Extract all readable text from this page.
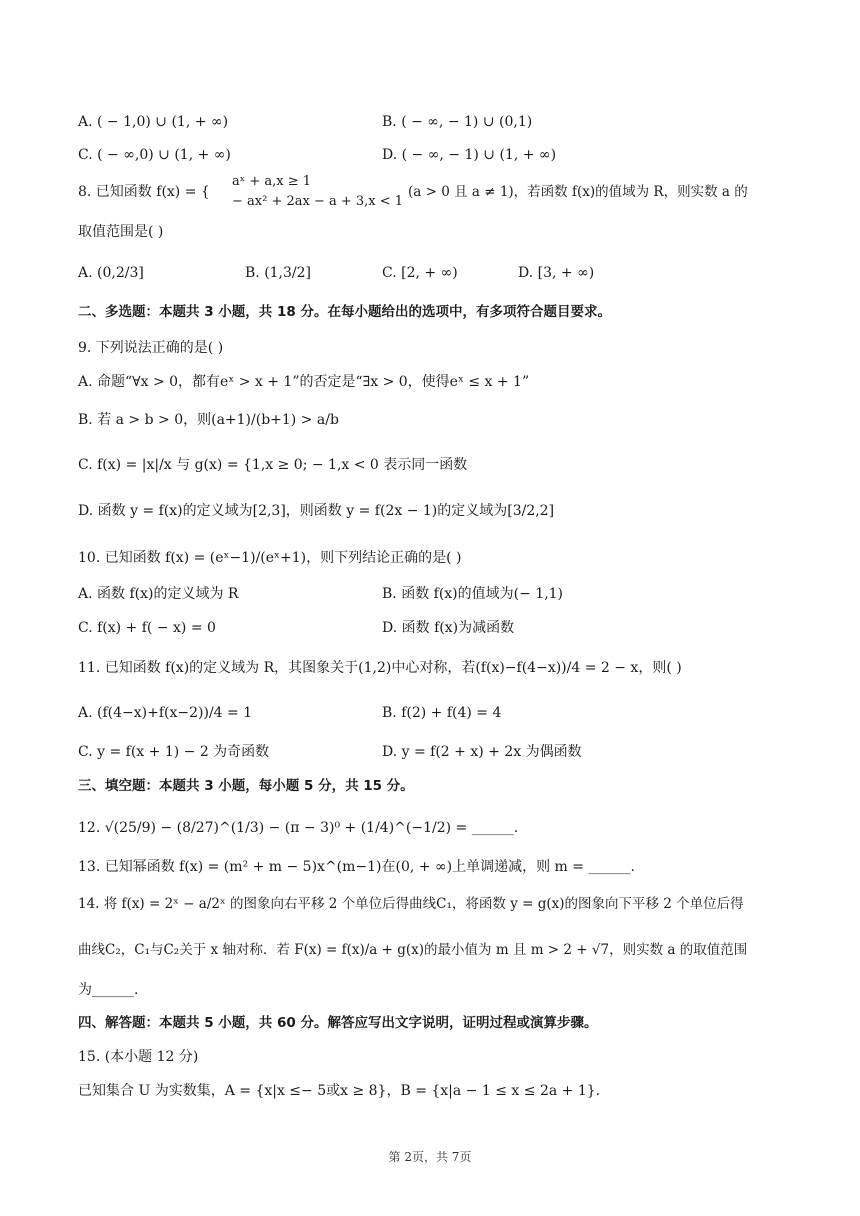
A. ( − 1,0) ∪ (1, + ∞)	B. ( − ∞, − 1) ∪ (0,1)
C. ( − ∞,0) ∪ (1, + ∞)	D. ( − ∞, − 1) ∪ (1, + ∞)
8. 已知函数 f(x) = {
aˣ + a,x ≥ 1
− ax² + 2ax − a + 3,x < 1
(a > 0 且 a ≠ 1)，若函数 f(x)的值域为 R，则实数 a 的
取值范围是( )
A. (0,2/3]	B. (1,3/2]	C. [2, + ∞)	D. [3, + ∞)
二、多选题：本题共 3 小题，共 18 分。在每小题给出的选项中，有多项符合题目要求。
9. 下列说法正确的是( )
A. 命题“∀x > 0，都有eˣ > x + 1”的否定是“∃x > 0，使得eˣ ≤ x + 1”
B. 若 a > b > 0，则(a+1)/(b+1) > a/b
C. f(x) = |x|/x 与 g(x) = {1,x ≥ 0; − 1,x < 0 表示同一函数
D. 函数 y = f(x)的定义域为[2,3]，则函数 y = f(2x − 1)的定义域为[3/2,2]
10. 已知函数 f(x) = (eˣ−1)/(eˣ+1)，则下列结论正确的是( )
A. 函数 f(x)的定义域为 R	B. 函数 f(x)的值域为(− 1,1)
C. f(x) + f( − x) = 0	D. 函数 f(x)为减函数
11. 已知函数 f(x)的定义域为 R，其图象关于(1,2)中心对称，若(f(x)−f(4−x))/4 = 2 − x，则( )
A. (f(4−x)+f(x−2))/4 = 1	B. f(2) + f(4) = 4
C. y = f(x + 1) − 2 为奇函数	D. y = f(2 + x) + 2x 为偶函数
三、填空题：本题共 3 小题，每小题 5 分，共 15 分。
12. √(25/9) − (8/27)^(1/3) − (π − 3)⁰ + (1/4)^(−1/2) = ______.
13. 已知幂函数 f(x) = (m² + m − 5)x^(m−1)在(0, + ∞)上单调递减，则 m = ______.
14. 将 f(x) = 2ˣ − a/2ˣ 的图象向右平移 2 个单位后得曲线C₁，将函数 y = g(x)的图象向下平移 2 个单位后得
曲线C₂，C₁与C₂关于 x 轴对称．若 F(x) = f(x)/a + g(x)的最小值为 m 且 m > 2 + √7，则实数 a 的取值范围
为______.
四、解答题：本题共 5 小题，共 60 分。解答应写出文字说明，证明过程或演算步骤。
15. (本小题 12 分)
已知集合 U 为实数集，A = {x|x ≤− 5或x ≥ 8}，B = {x|a − 1 ≤ x ≤ 2a + 1}.
第 2页，共 7页
